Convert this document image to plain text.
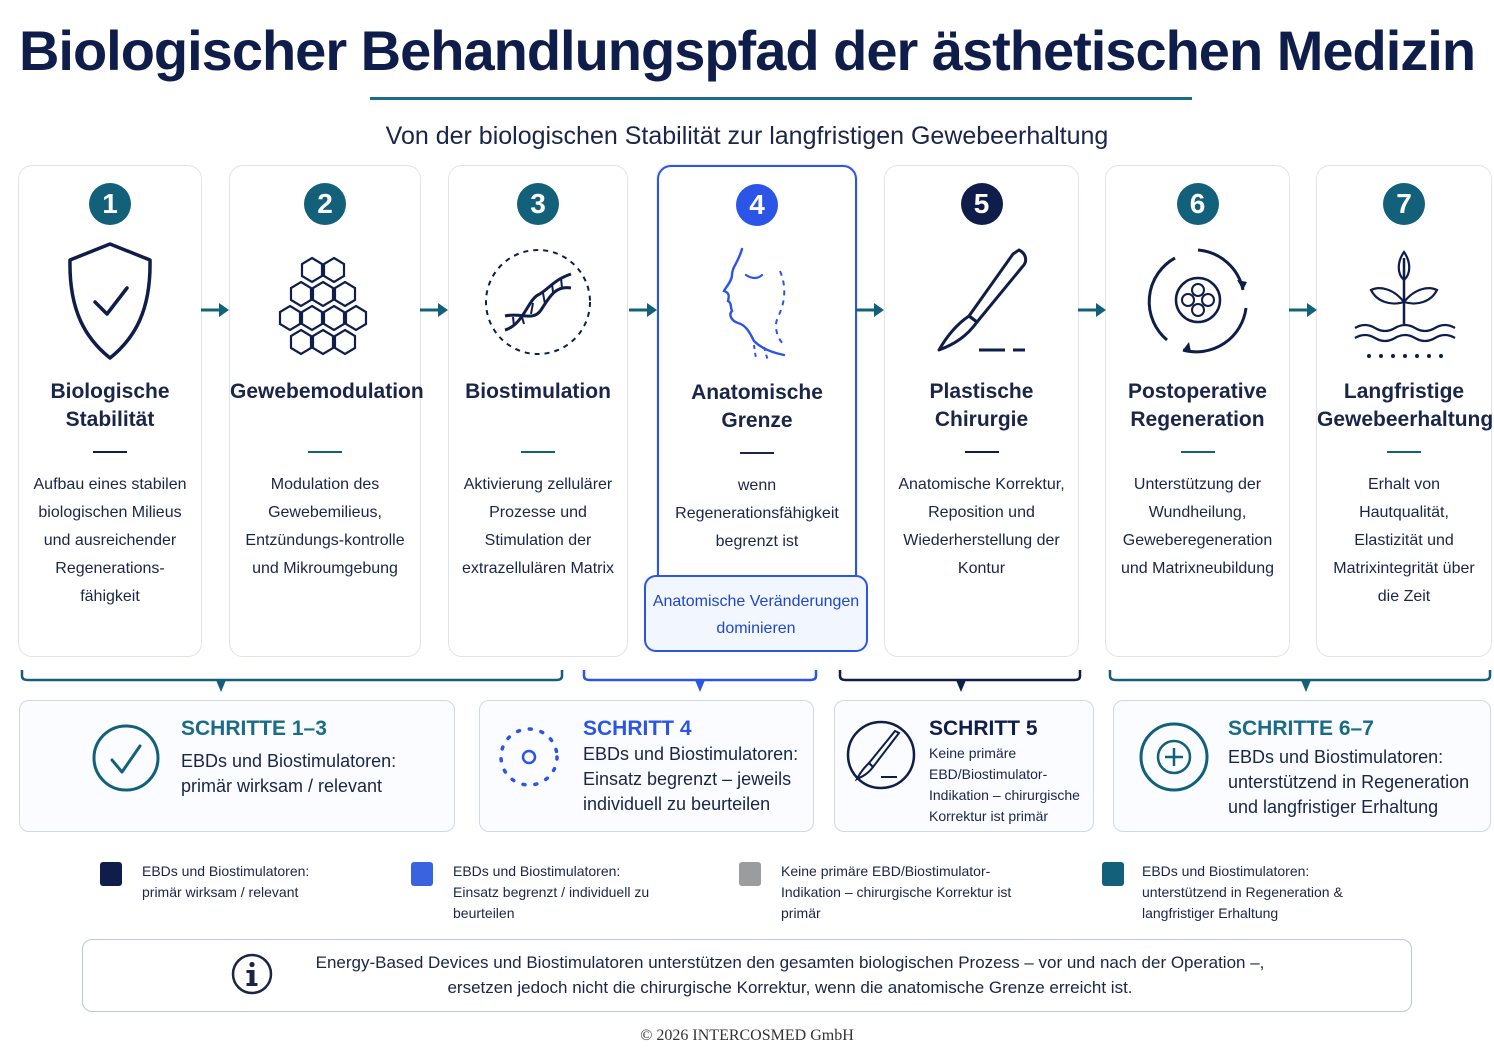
Biologischer Behandlungspfad der ästhetischen Medizin
Von der biologischen Stabilität zur langfristigen Gewebeerhaltung
1
Biologische
Stabilität
Aufbau eines stabilen biologischen Milieus und ausreichender Regenerations-fähigkeit
2
Gewebemodulation
Modulation des Gewebemilieus, Entzündungs-kontrolle und Mikroumgebung
3
Biostimulation
Aktivierung zellulärer Prozesse und Stimulation der extrazellulären Matrix
4
Anatomische
Grenze
wenn Regenerationsfähigkeit begrenzt ist
Anatomische Veränderungen dominieren
5
Plastische
Chirurgie
Anatomische Korrektur, Reposition und Wiederherstellung der Kontur
6
Postoperative
Regeneration
Unterstützung der Wundheilung, Geweberegeneration und Matrixneubildung
7
Langfristige
Gewebeerhaltung
Erhalt von Hautqualität, Elastizität und Matrixintegrität über die Zeit
SCHRITTE 1–3
EBDs und Biostimulatoren: primär wirksam / relevant
SCHRITT 4
EBDs und Biostimulatoren: Einsatz begrenzt – jeweils individuell zu beurteilen
SCHRITT 5
Keine primäre EBD/Biostimulator-Indikation – chirurgische Korrektur ist primär
SCHRITTE 6–7
EBDs und Biostimulatoren: unterstützend in Regeneration und langfristiger Erhaltung
EBDs und Biostimulatoren: primär wirksam / relevant
EBDs und Biostimulatoren: Einsatz begrenzt / individuell zu beurteilen
Keine primäre EBD/Biostimulator-Indikation – chirurgische Korrektur ist primär
EBDs und Biostimulatoren: unterstützend in Regeneration & langfristiger Erhaltung
Energy-Based Devices und Biostimulatoren unterstützen den gesamten biologischen Prozess – vor und nach der Operation –, ersetzen jedoch nicht die chirurgische Korrektur, wenn die anatomische Grenze erreicht ist.
© 2026 INTERCOSMED GmbH
